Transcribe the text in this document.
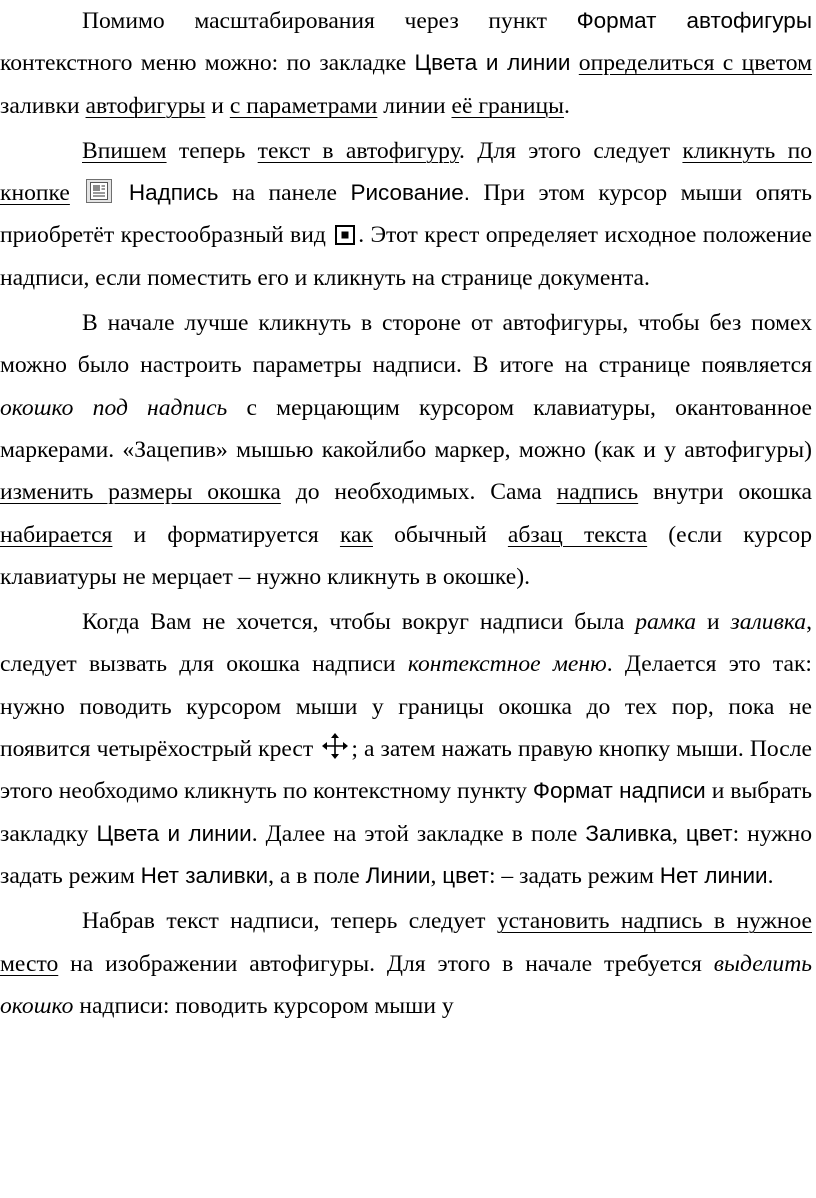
Помимо масштабирования через пункт Формат автофигуры контекстного меню можно: по закладке Цвета и линии определиться с цветом заливки автофигуры и с параметрами линии её границы.

Впишем теперь текст в автофигуру. Для этого следует кликнуть по кнопке	Надпись на панеле Рисование. При этом курсор мыши опять приобретёт крестообразный вид
. Этот крест определяет исходное положение надписи, если поместить его и кликнуть на странице документа.

В начале лучше кликнуть в стороне от автофигуры, чтобы без помех можно было настроить параметры надписи. В итоге на странице появляется окошко под надпись с мерцающим курсором клавиатуры, окантованное маркерами. «Зацепив» мышью какойлибо маркер, можно (как и у автофигуры) изменить размеры окошка до необходимых. Сама надпись внутри окошка набирается и форматируется как обычный абзац текста (если курсор клавиатуры не мерцает – нужно кликнуть в окошке).

Когда Вам не хочется, чтобы вокруг надписи была рамка и заливка, следует вызвать для окошка надписи контекстное меню. Делается это так: нужно поводить курсором мыши у границы окошка до тех пор, пока не появится четырёхострый крест
; а затем нажать правую кнопку мыши. После этого необходимо кликнуть по контекстному пункту Формат надписи и выбрать закладку Цвета и линии. Далее на этой закладке в поле Заливка, цвет: нужно задать режим Нет заливки, а в поле Линии, цвет: – задать режим Нет линии.

Набрав текст надписи, теперь следует установить надпись в нужное место на изображении автофигуры. Для этого в начале требуется выделить окошко надписи: поводить курсором мыши у
